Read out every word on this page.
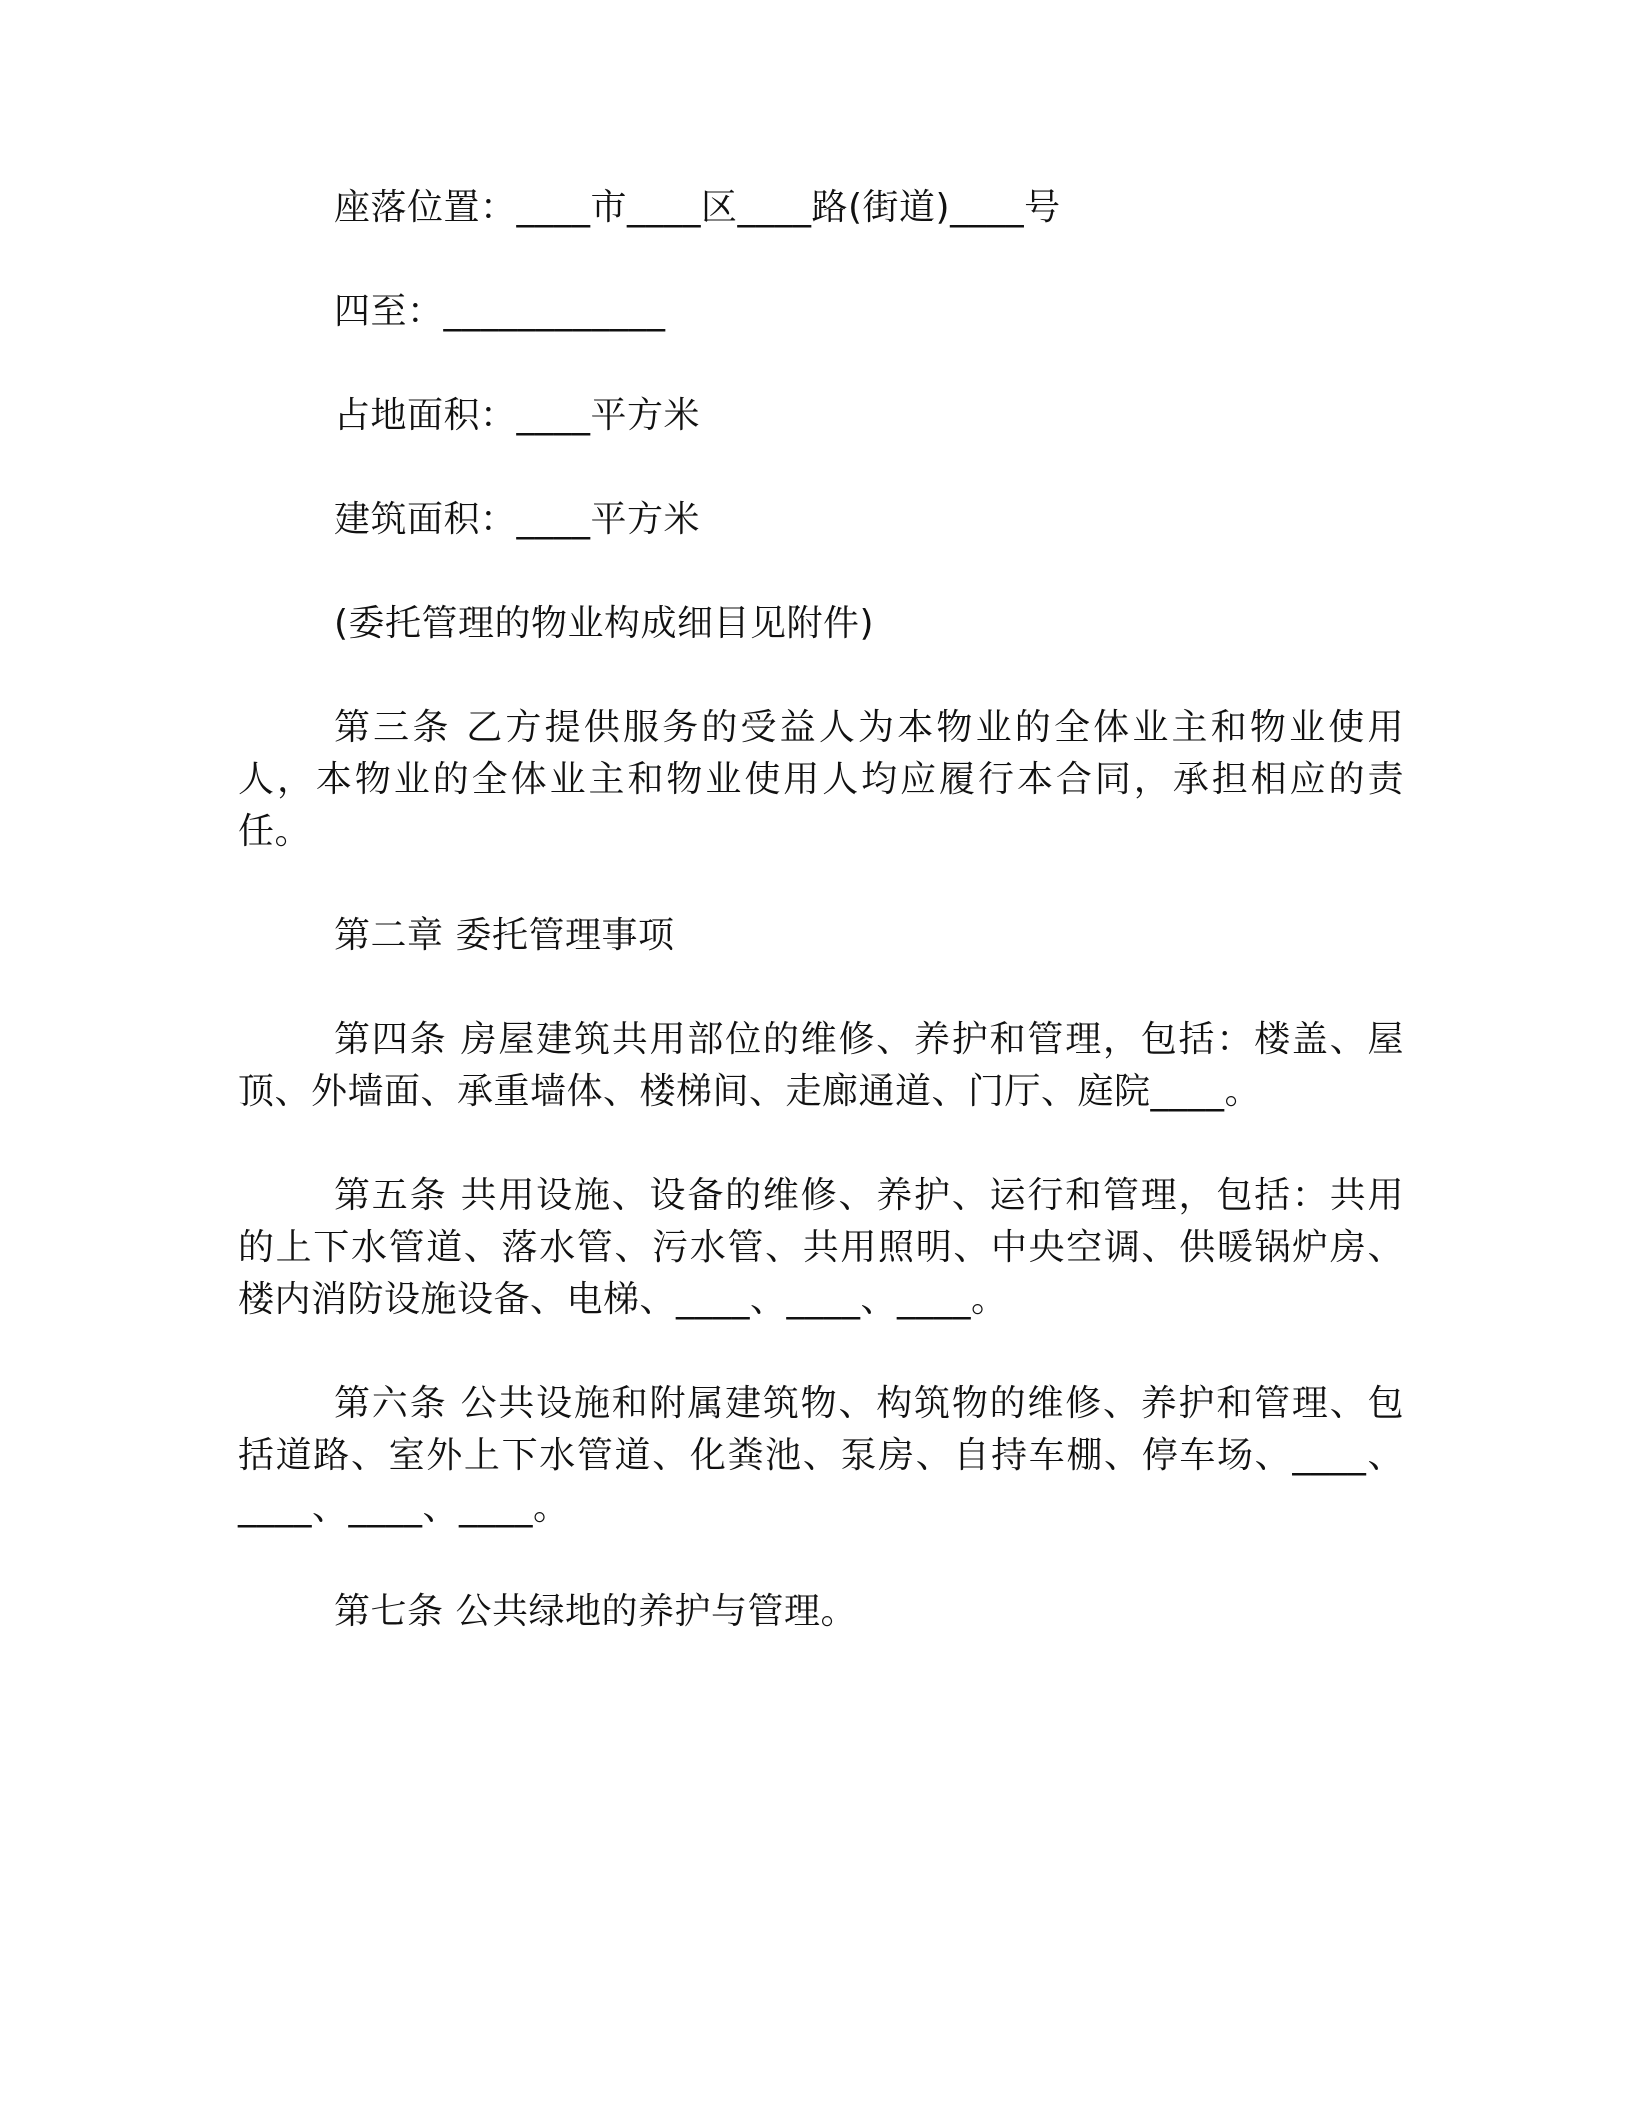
座落位置：____市____区____路(街道)____号

四至：____________

占地面积：____平方米

建筑面积：____平方米

(委托管理的物业构成细目见附件)

第三条 乙方提供服务的受益人为本物业的全体业主和物业使用人，本物业的全体业主和物业使用人均应履行本合同，承担相应的责任。

第二章 委托管理事项

第四条 房屋建筑共用部位的维修、养护和管理，包括：楼盖、屋顶、外墙面、承重墙体、楼梯间、走廊通道、门厅、庭院____。

第五条 共用设施、设备的维修、养护、运行和管理，包括：共用的上下水管道、落水管、污水管、共用照明、中央空调、供暖锅炉房、楼内消防设施设备、电梯、____、____、____。

第六条 公共设施和附属建筑物、构筑物的维修、养护和管理、包括道路、室外上下水管道、化粪池、泵房、自持车棚、停车场、____、____、____、____。

第七条 公共绿地的养护与管理。
